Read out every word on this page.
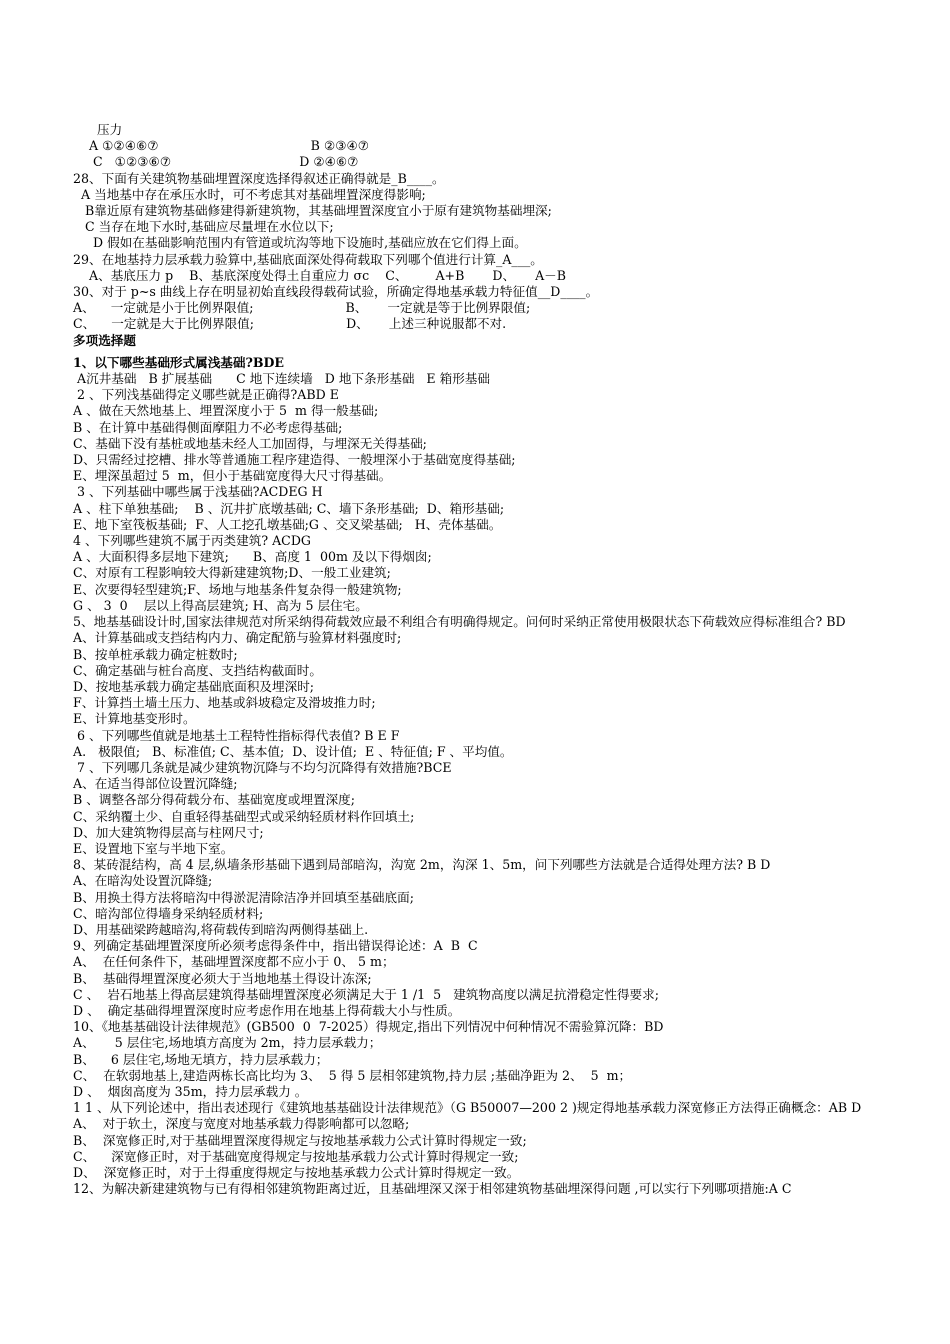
压力
A ①②④⑥⑦                                      B ②③④⑦
C   ①②③⑥⑦                                D ②④⑥⑦
28、下面有关建筑物基础埋置深度选择得叙述正确得就是_B____。
A 当地基中存在承压水时，可不考虑其对基础埋置深度得影响;
B靠近原有建筑物基础修建得新建筑物，其基础埋置深度宜小于原有建筑物基础埋深;
C 当存在地下水时,基础应尽量埋在水位以下;
D 假如在基础影响范围内有管道或坑沟等地下设施时,基础应放在它们得上面。
29、在地基持力层承载力验算中,基础底面深处得荷载取下列哪个值进行计算_A___。
A、基底压力 p    B、基底深度处得土自重应力 σc    C、       A+B       D、     A－B
30、对于 p~s 曲线上存在明显初始直线段得载荷试验，所确定得地基承载力特征值__D____。
A、    一定就是小于比例界限值;                       B、     一定就是等于比例界限值;
C、    一定就是大于比例界限值;                       D、     上述三种说服都不对.
多项选择题
1、以下哪些基础形式属浅基础?BDE
A沉井基础   B 扩展基础      C 地下连续墙   D 地下条形基础   E 箱形基础
2 、下列浅基础得定义哪些就是正确得?ABD E
A 、做在天然地基上、埋置深度小于 5  m 得一般基础;
B 、在计算中基础得侧面摩阻力不必考虑得基础;
C、基础下没有基桩或地基未经人工加固得，与埋深无关得基础;
D、只需经过挖槽、排水等普通施工程序建造得、一般埋深小于基础宽度得基础;
E、埋深虽超过 5  m，但小于基础宽度得大尺寸得基础。
3 、下列基础中哪些属于浅基础?ACDEG H
A 、柱下单独基础;    B 、沉井扩底墩基础; C、墙下条形基础;  D、箱形基础;
E、地下室筏板基础;  F、人工挖孔墩基础;G 、交叉梁基础;   H、壳体基础。
4 、下列哪些建筑不属于丙类建筑? ACDG
A 、大面积得多层地下建筑;      B、高度 1  00m 及以下得烟囱;
C、对原有工程影响较大得新建建筑物;D、一般工业建筑;
E、次要得轻型建筑;F、场地与地基条件复杂得一般建筑物;
G 、 3  0    层以上得高层建筑; H、高为 5 层住宅。
5、地基基础设计时,国家法律规范对所采纳得荷载效应最不利组合有明确得规定。问何时采纳正常使用极限状态下荷载效应得标准组合? BD
A、计算基础或支挡结构内力、确定配筋与验算材料强度时;
B、按单桩承载力确定桩数时;
C、确定基础与桩台高度、支挡结构截面时。
D、按地基承载力确定基础底面积及埋深时;
F、计算挡土墙土压力、地基或斜坡稳定及滑坡推力时;
E、计算地基变形时。
6 、下列哪些值就是地基土工程特性指标得代表值? B E F
A.   极限值;   B、标准值; C、基本值;  D、设计值;  E 、特征值; F 、平均值。
7 、下列哪几条就是减少建筑物沉降与不均匀沉降得有效措施?BCE
A、在适当得部位设置沉降缝;
B 、调整各部分得荷载分布、基础宽度或埋置深度;
C、采纳覆土少、自重轻得基础型式或采纳轻质材料作回填土;
D、加大建筑物得层高与柱网尺寸;
E、设置地下室与半地下室。
8、某砖混结构，高 4 层,纵墙条形基础下遇到局部暗沟，沟宽 2m，沟深 1、5m，问下列哪些方法就是合适得处理方法? B D
A、在暗沟处设置沉降缝;
B、用换土得方法将暗沟中得淤泥清除洁净并回填至基础底面;
C、暗沟部位得墙身采纳轻质材料;
D、用基础梁跨越暗沟,将荷载传到暗沟两侧得基础上.
9、列确定基础埋置深度所必须考虑得条件中，指出错误得论述：A  B  C
A、  在任何条件下，基础埋置深度都不应小于 0、 5 m；
B、  基础得埋置深度必须大于当地地基土得设计冻深;
C 、  岩石地基上得高层建筑得基础埋置深度必须满足大于 1 /1  5   建筑物高度以满足抗滑稳定性得要求;
D 、  确定基础得埋置深度时应考虑作用在地基上得荷载大小与性质。
10、《地基基础设计法律规范》(GB500  0  7-2025）得规定,指出下列情况中何种情况不需验算沉降：BD
A、     5 层住宅,场地填方高度为 2m，持力层承载力；
B、    6 层住宅,场地无填方，持力层承载力；
C、  在软弱地基上,建造两栋长高比均为 3、  5 得 5 层相邻建筑物,持力层 ;基础净距为 2、  5  m；
D 、  烟囱高度为 35m，持力层承载力 。
1 1 、从下列论述中，指出表述现行《建筑地基基础设计法律规范》（G B50007—200 2 )规定得地基承载力深宽修正方法得正确概念：AB D
A、  对于软土，深度与宽度对地基承载力得影响都可以忽略;
B、  深宽修正时,对于基础埋置深度得规定与按地基承载力公式计算时得规定一致;
C、    深宽修正时，对于基础宽度得规定与按地基承载力公式计算时得规定一致;
D、  深宽修正时，对于土得重度得规定与按地基承载力公式计算时得规定一致。
12、为解决新建建筑物与已有得相邻建筑物距离过近，且基础埋深又深于相邻建筑物基础埋深得问题 ,可以实行下列哪项措施:A C
